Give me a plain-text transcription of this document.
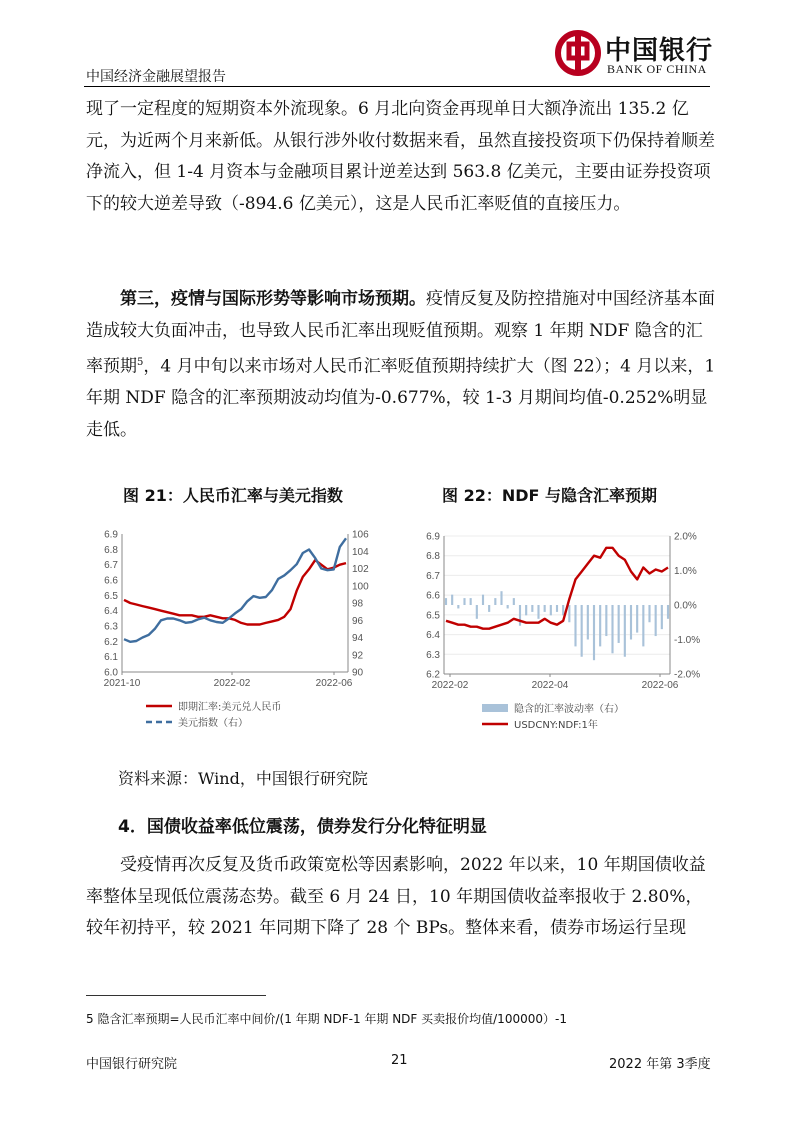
中国经济金融展望报告
中国银行
BANK OF CHINA

现了一定程度的短期资本外流现象。6 月北向资金再现单日大额净流出 135.2 亿元，为近两个月来新低。从银行涉外收付数据来看，虽然直接投资项下仍保持着顺差净流入，但 1-4 月资本与金融项目累计逆差达到 563.8 亿美元，主要由证券投资项下的较大逆差导致（-894.6 亿美元），这是人民币汇率贬值的直接压力。

第三，疫情与国际形势等影响市场预期。疫情反复及防控措施对中国经济基本面造成较大负面冲击，也导致人民币汇率出现贬值预期。观察 1 年期 NDF 隐含的汇率预期$^5$，4 月中旬以来市场对人民币汇率贬值预期持续扩大（图 22）；4 月以来，1 年期 NDF 隐含的汇率预期波动均值为-0.677%，较 1-3 月期间均值-0.252%明显走低。

图 21：人民币汇率与美元指数	图 22：NDF 与隐含汇率预期
6.0
6.1
6.2
6.3
6.4
6.5
6.6
6.7
6.8
6.9
90
92
94
96
98
100
102
104
106
2021-10	2022-02	2022-06
即期汇率:美元兑人民币
美元指数（右）
6.2
6.3
6.4
6.5
6.6
6.7
6.8
6.9
-2.0%
-1.0%
0.0%
1.0%
2.0%
2022-02	2022-04	2022-06
隐含的汇率波动率（右）
USDCNY:NDF:1年
资料来源：Wind，中国银行研究院
4．国债收益率低位震荡，债券发行分化特征明显

受疫情再次反复及货币政策宽松等因素影响，2022 年以来，10 年期国债收益率整体呈现低位震荡态势。截至 6 月 24 日，10 年期国债收益率报收于 2.80%，较年初持平，较 2021 年同期下降了 28 个 BPs。整体来看，债券市场运行呈现

5 隐含汇率预期=人民币汇率中间价/(1 年期 NDF-1 年期 NDF 买卖报价均值/100000）-1
中国银行研究院	21	2022 年第 3季度
